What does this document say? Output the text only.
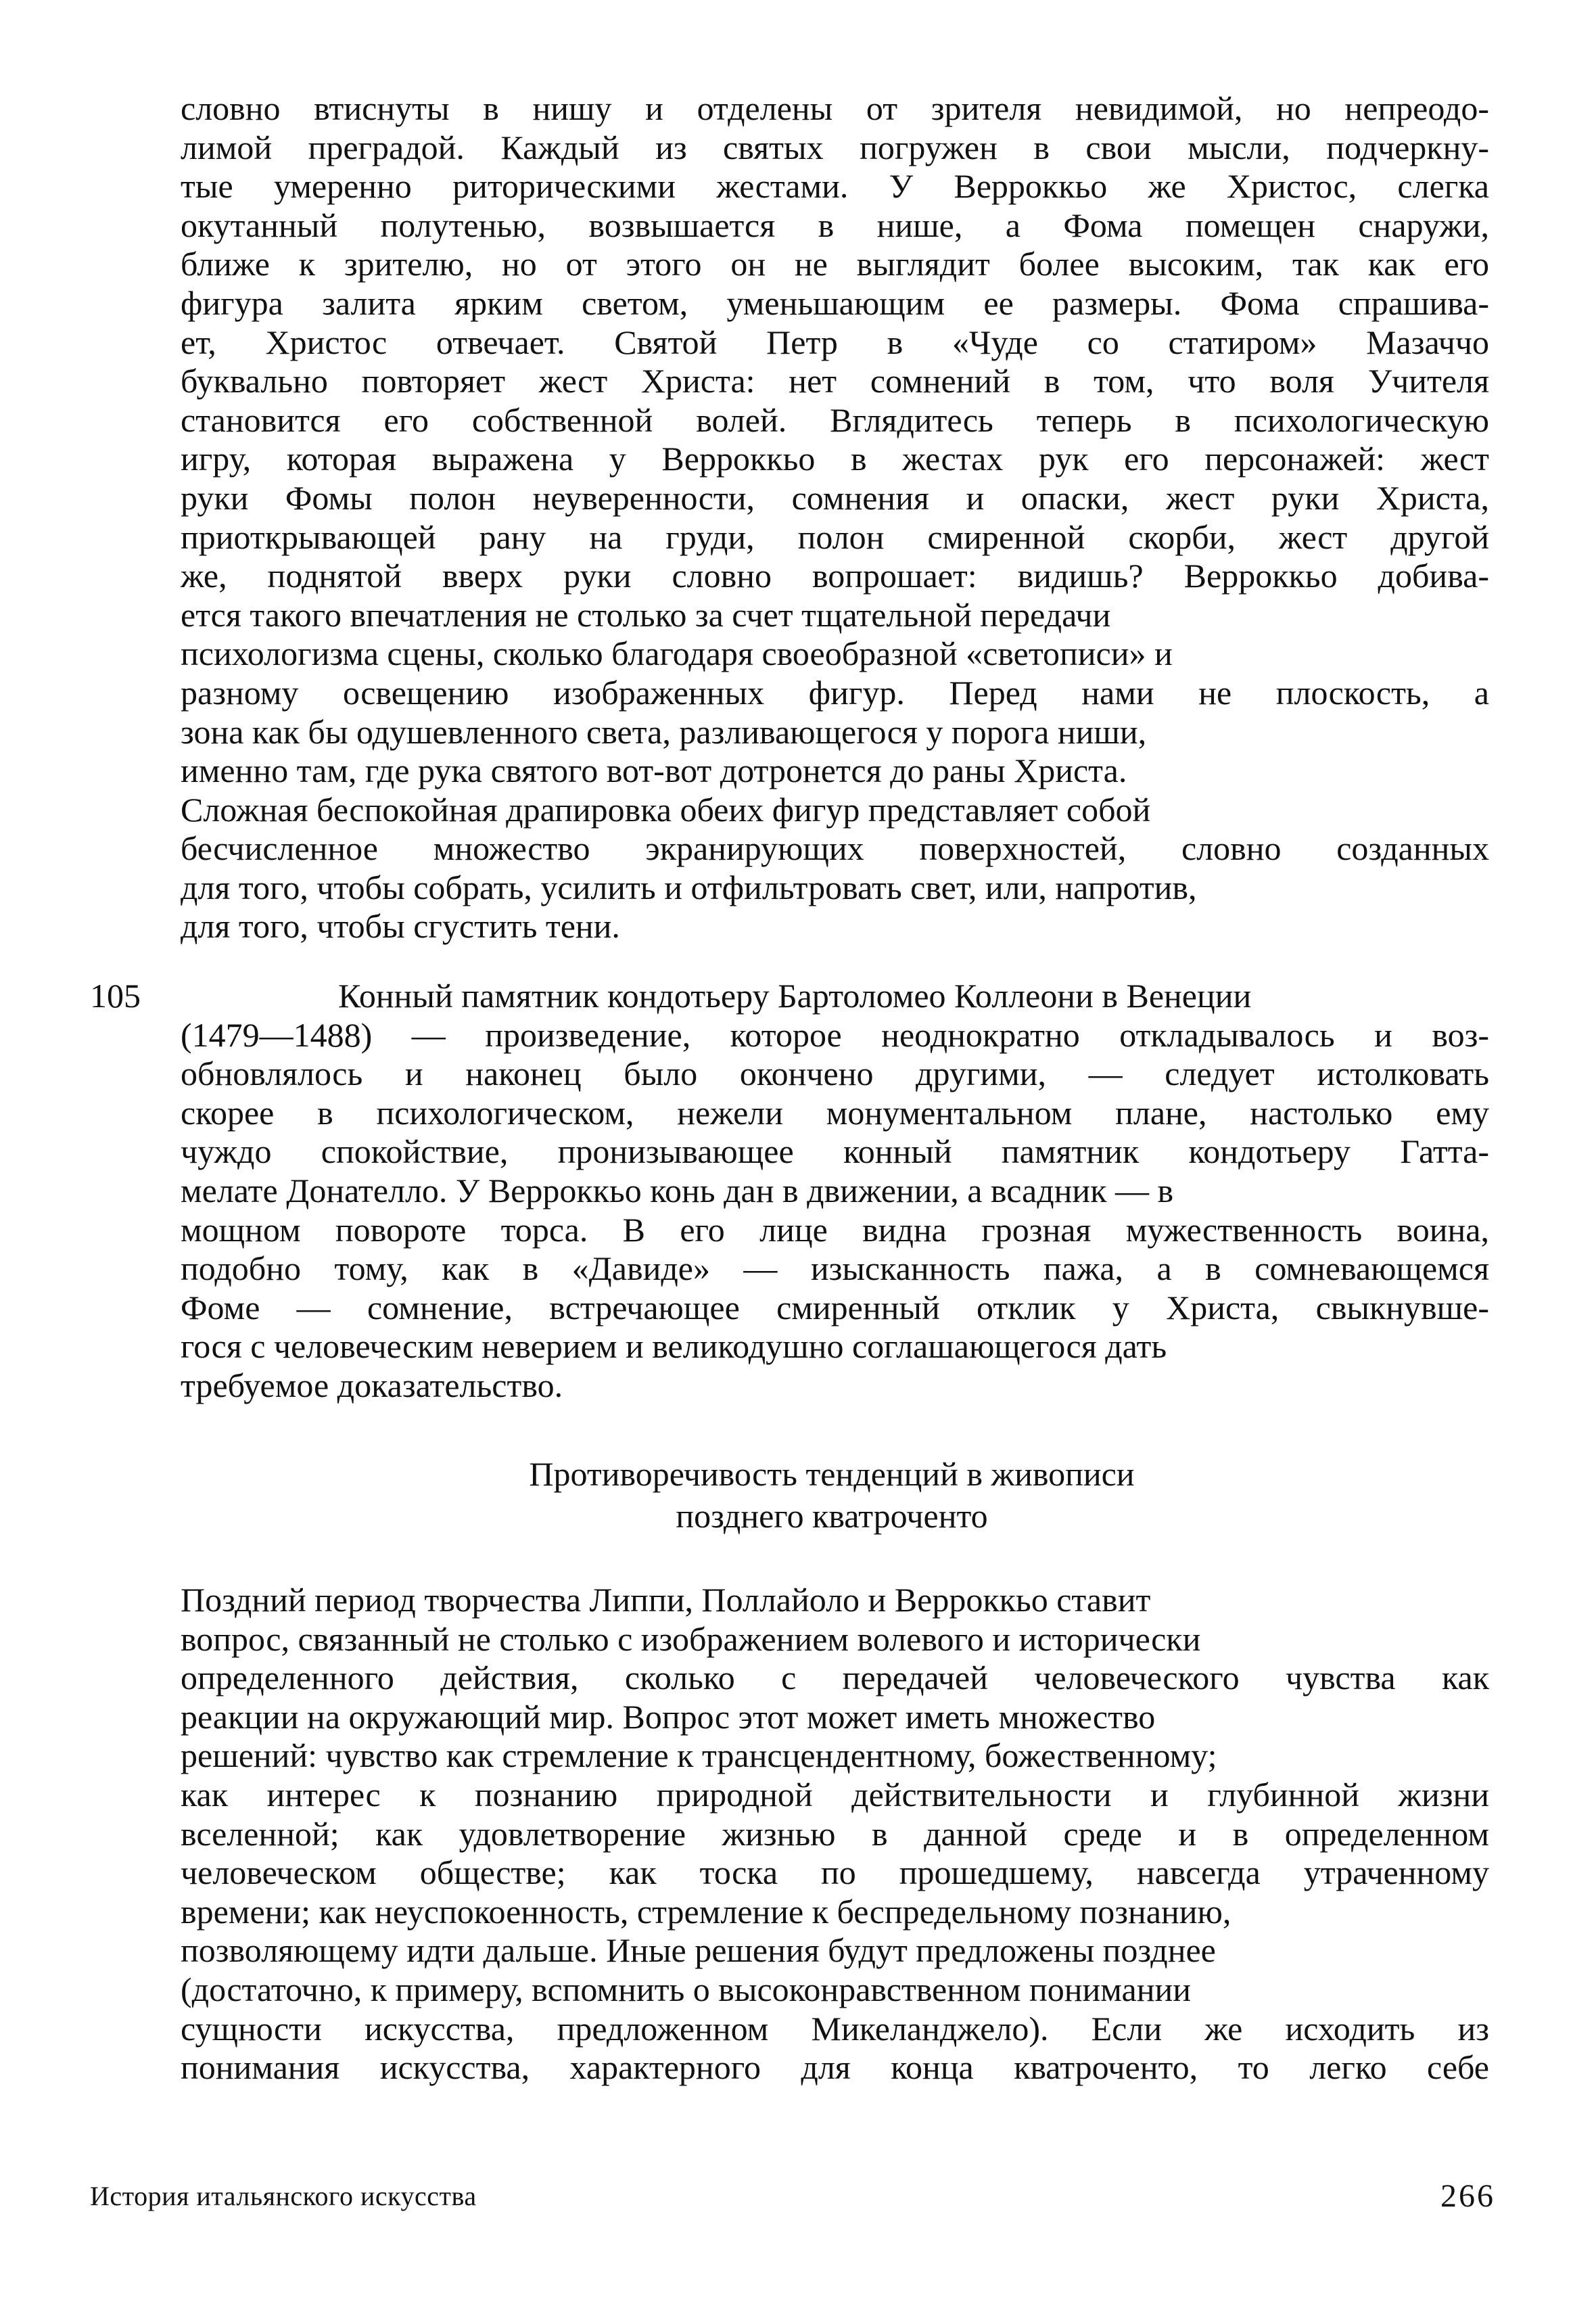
словно втиснуты в нишу и отделены от зрителя невидимой, но непреодо-
лимой преградой. Каждый из святых погружен в свои мысли, подчеркну-
тые умеренно риторическими жестами. У Верроккьо же Христос, слегка
окутанный полутенью, возвышается в нише, а Фома помещен снаружи,
ближе к зрителю, но от этого он не выглядит более высоким, так как его
фигура залита ярким светом, уменьшающим ее размеры. Фома спрашива-
ет, Христос отвечает. Святой Петр в «Чуде со статиром» Мазаччо
буквально повторяет жест Христа: нет сомнений в том, что воля Учителя
становится его собственной волей. Вглядитесь теперь в психологическую
игру, которая выражена у Верроккьо в жестах рук его персонажей: жест
руки Фомы полон неуверенности, сомнения и опаски, жест руки Христа,
приоткрывающей рану на груди, полон смиренной скорби, жест другой
же, поднятой вверх руки словно вопрошает: видишь? Верроккьо добива-
ется такого впечатления не столько за счет тщательной передачи
психологизма сцены, сколько благодаря своеобразной «светописи» и
разному освещению изображенных фигур. Перед нами не плоскость, а
зона как бы одушевленного света, разливающегося у порога ниши,
именно там, где рука святого вот-вот дотронется до раны Христа.
Сложная беспокойная драпировка обеих фигур представляет собой
бесчисленное множество экранирующих поверхностей, словно созданных
для того, чтобы собрать, усилить и отфильтровать свет, или, напротив,
для того, чтобы сгустить тени.
105	Конный памятник кондотьеру Бартоломео Коллеони в Венеции
(1479—1488) — произведение, которое неоднократно откладывалось и воз-
обновлялось и наконец было окончено другими, — следует истолковать
скорее в психологическом, нежели монументальном плане, настолько ему
чуждо спокойствие, пронизывающее конный памятник кондотьеру Гатта-
мелате Донателло. У Верроккьо конь дан в движении, а всадник — в
мощном повороте торса. В его лице видна грозная мужественность воина,
подобно тому, как в «Давиде» — изысканность пажа, а в сомневающемся
Фоме — сомнение, встречающее смиренный отклик у Христа, свыкнувше-
гося с человеческим неверием и великодушно соглашающегося дать
требуемое доказательство.
Противоречивость тенденций в живописи
позднего кватроченто
Поздний период творчества Липпи, Поллайоло и Верроккьо ставит
вопрос, связанный не столько с изображением волевого и исторически
определенного действия, сколько с передачей человеческого чувства как
реакции на окружающий мир. Вопрос этот может иметь множество
решений: чувство как стремление к трансцендентному, божественному;
как интерес к познанию природной действительности и глубинной жизни
вселенной; как удовлетворение жизнью в данной среде и в определенном
человеческом обществе; как тоска по прошедшему, навсегда утраченному
времени; как неуспокоенность, стремление к беспредельному познанию,
позволяющему идти дальше. Иные решения будут предложены позднее
(достаточно, к примеру, вспомнить о высоконравственном понимании
сущности искусства, предложенном Микеланджело). Если же исходить из
понимания искусства, характерного для конца кватроченто, то легко себе
История итальянского искусства	266
